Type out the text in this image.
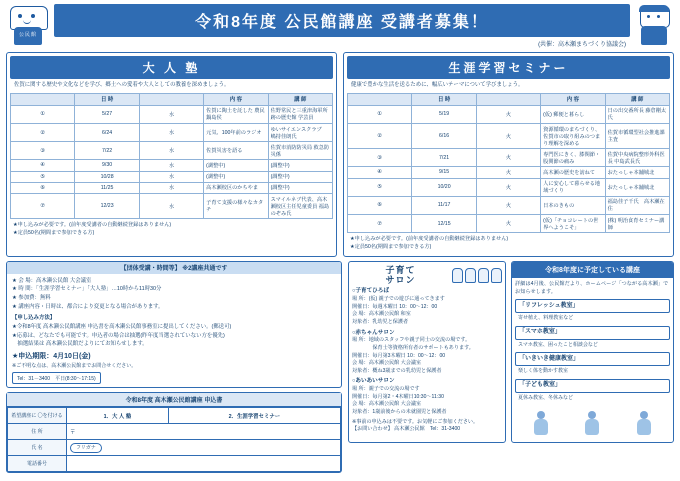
公民館
令和8年度 公民館講座 受講者募集！
(共催：高木瀬まちづくり協議会)
大 人 塾
佐賀に関する歴史や文化などを学び、郷土への愛着や大人としての教養を深めましょう。
	日 時		内 容	講 師
①	5/27	水	佐賀に陶土を託した 農民鍋島侯	佐野常民と三重津海軍所跡の歴史館 学芸員
②	6/24	水	元気、100年前のラジオ	ゆいサイエンスクラブ　嶋持佳朗氏
③	7/22	水	佐賀災害を語る	佐賀市消防防災局 救急防災係
④	9/30	水	(調整中)	(調整中)
⑤	10/28	水	(調整中)	(調整中)
⑥	11/25	水	高木瀬校区のかちやま	(調整中)
⑦	12/23	水	子育て支援の様々なカタチ	スマイルネブ代表、高木瀬校区主任児童委員 福島のぞみ氏
★申し込みが必要です。(前年度受講者の自動継続登録はありません)
★定員50名(期間まで参加できる方)
生涯学習セミナー
健康で豊かな生活を送るために、幅広いテーマについて学びましょう。
	日 時		内 容	講 師
①	5/19	火	(仮) 郵便と暮らし	日の出交番所長 藤倉剛太氏
②	6/16	火	資源循環のまちづくり、佐賀市の取り組みのつまり理解を深める	佐賀市循環型社会推進課主査
③	7/21	火	専門医にきく、膝関節・股関節の痛み	佐賀中央病院整形外科医長 中島武長氏
④	9/15	火	高木瀬の歴史を訪ねて	おたっしゃ本舗城北
⑤	10/20	火	人に安心して暮らせる地域づくり	おたっしゃ本舗城北
⑥	11/17	火	日本のきもの	福島佳子千氏　高木瀬在住
⑦	12/15	火	(仮)「チョコレートの世界へようこそ」	(株) 明治食育セミナー講師
★申し込みが必要です。(前年度受講者の自動継続登録はありません)
★定員50名(期間まで参加できる方)
【団体受講・時間等】 ※2講座共通です
★ 会 場：高木瀬公民館 大会議室
★ 時 間：「生涯学習セミナー」「大人塾」…10時から11時30分
★ 参加費：無料
★ 講座内容・日時は、都合により変更となる場合があります。
【申し込み方法】
★令和8年度 高木瀬公民館講座 申込書を高木瀬公民館事務室に提出してください。(郵送可)
★応募は、どなたでも可能です。申込者の場合は抽選(昨年度当選されていない方を優先)
　抽選結果は 高木瀬公民館だよりにてお知らせします。
★申込期限：4月10日(金)
※ご不明な点は、高木瀬公民館までお問合せください。
Tel：31－3400　平日(8:30～17:15)
令和8年度 高木瀬公民館講座 申込書
希望講座に 〇を付ける	1．大 人 塾	2．生涯学習セミナー
住 所	〒	
氏 名	フリガナ	
電話番号		
子育て
サロン
○子育てひろば
場 所：(仮) 親子での遊びに通ってきます
開催日：毎週木曜日 10：00～12：00
会 場：高木瀬公民館 和室
対象者：乳幼児と保護者
○赤ちゃんサロン
場 所：地域のスタッフや親子同士の交流の場です。
　　　　保育士等資格所有者のサポートもあります。
開催日：毎月第3木曜日 10：00～12：00
会 場：高木瀬公民館 大会議室
対象者：概ね3歳までの乳幼児と保護者
○あいあいサロン
場 所：親子での交流の場です
開催日：毎月第2・4木曜日10:30～11:30
会 場：高木瀬公民館 大会議室
対象者：1歳前後からの未就園児と保護者
※事前の申込みは不要です。お気軽にご参加ください。
【お問い合わせ】 高木瀬公民館　Tel：31-3400
令和8年度に予定している講座
詳細は4月後、公民館だより、ホームページ「つながる高木瀬」でお知らせします。
「リフレッシュ教室」
寄せ植え、料理教室など
「スマホ教室」
スマホ教室、困ったこと相談会など
「いきいき健康教室」
楽しく体を動かす教室
「子ども教室」
夏休み教室、冬休みなど
